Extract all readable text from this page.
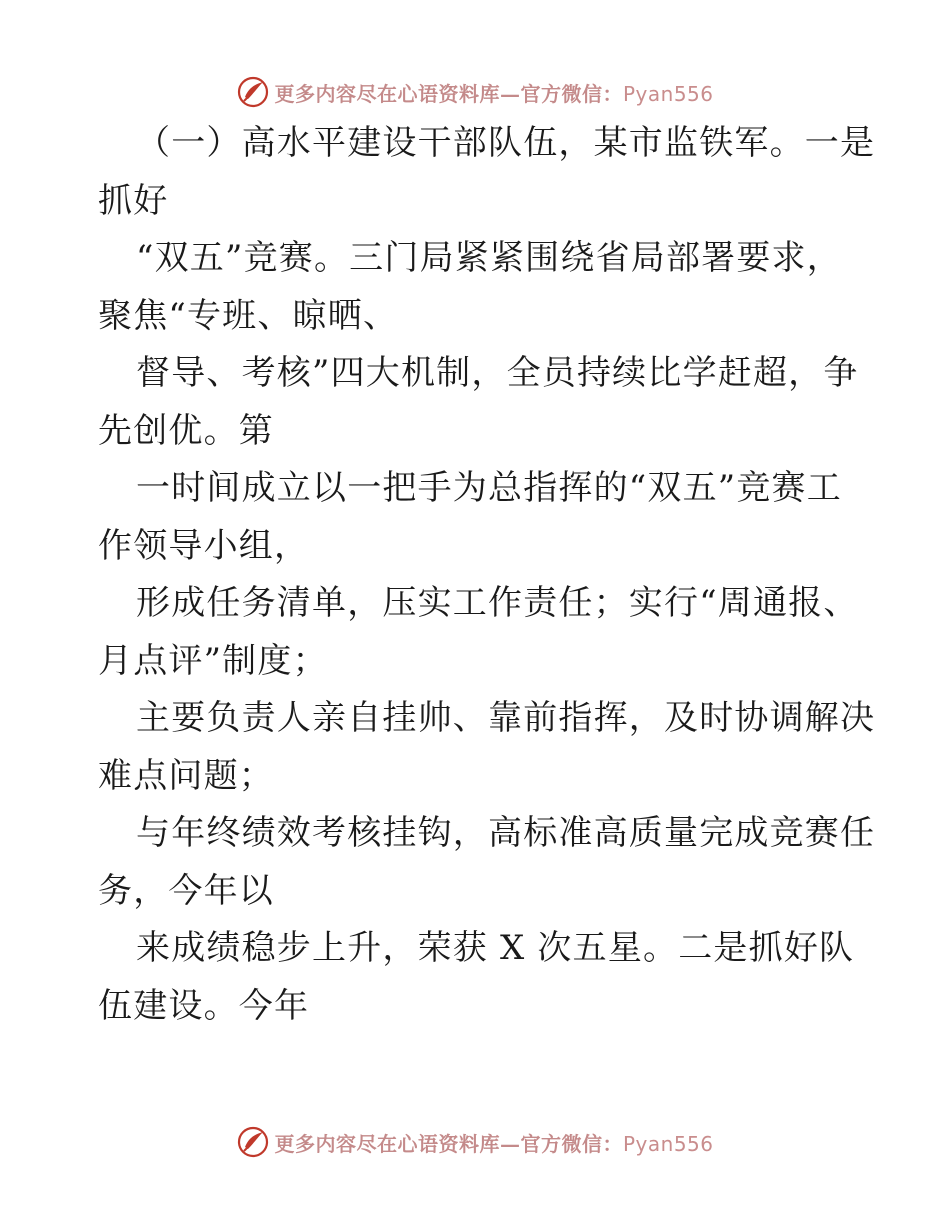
更多内容尽在心语资料库—官方微信：Pyan556
（一）高水平建设干部队伍，某市监铁军。一是
抓好
“双五”竞赛。三门局紧紧围绕省局部署要求，
聚焦“专班、晾晒、
督导、考核”四大机制，全员持续比学赶超，争
先创优。第
一时间成立以一把手为总指挥的“双五”竞赛工
作领导小组，
形成任务清单，压实工作责任；实行“周通报、
月点评”制度；
主要负责人亲自挂帅、靠前指挥，及时协调解决
难点问题；
与年终绩效考核挂钩，高标准高质量完成竞赛任
务，今年以
来成绩稳步上升，荣获 X 次五星。二是抓好队
伍建设。今年
更多内容尽在心语资料库—官方微信：Pyan556
